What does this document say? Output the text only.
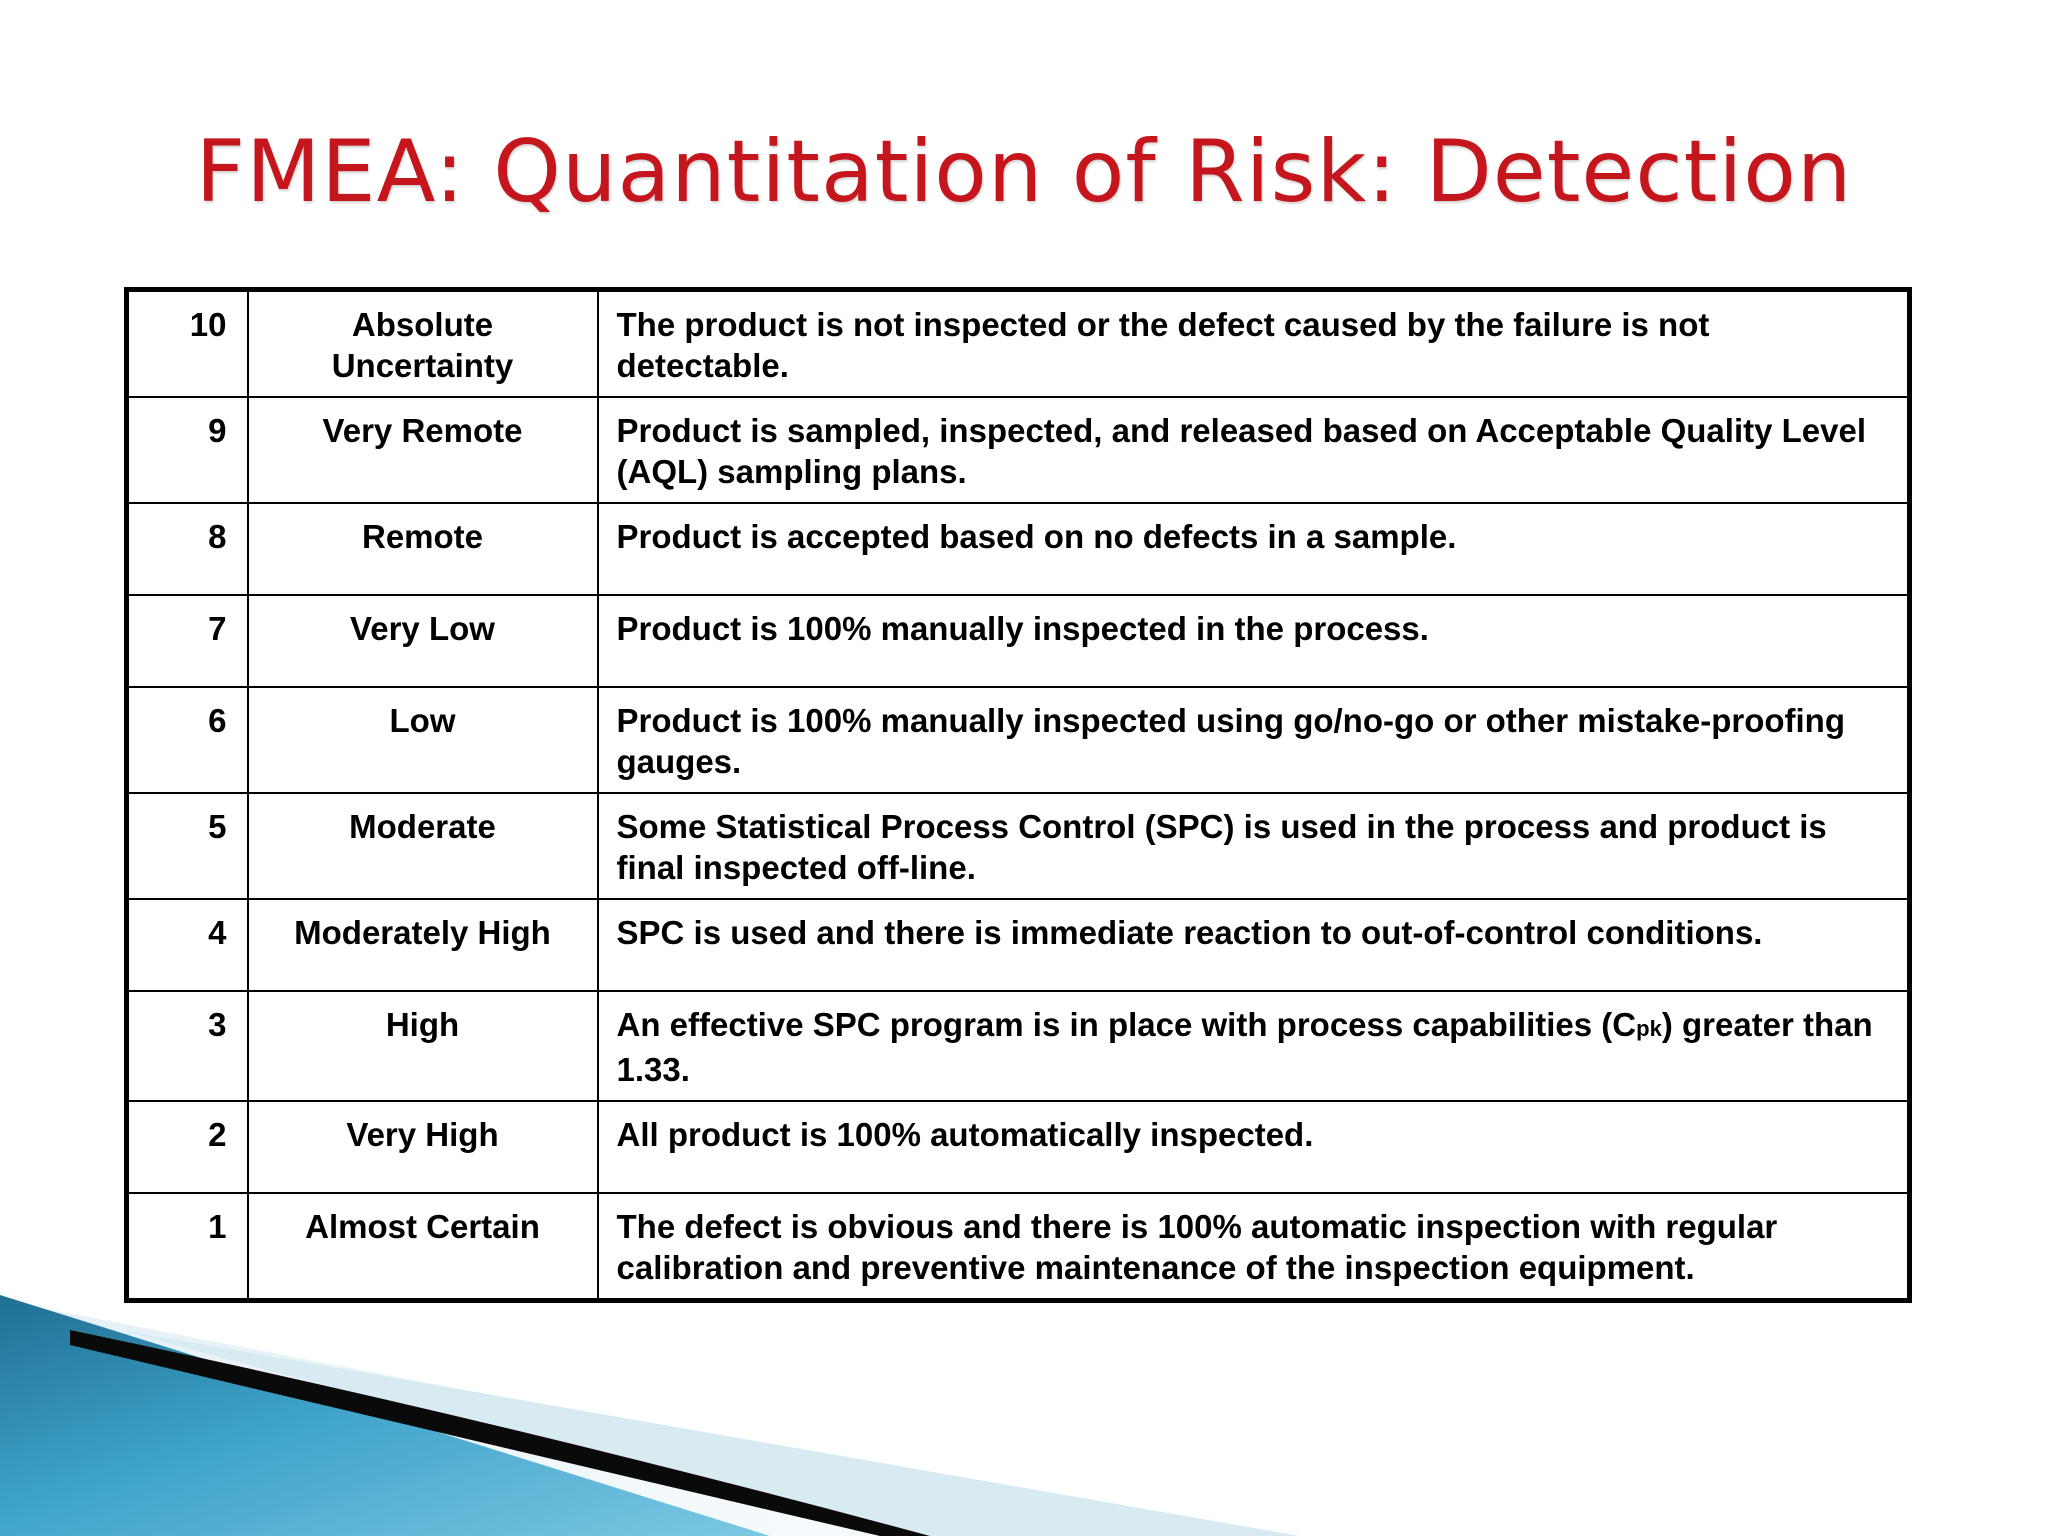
FMEA: Quantitation of Risk: Detection
10	Absolute Uncertainty	The product is not inspected or the defect caused by the failure is not detectable.
9	Very Remote	Product is sampled, inspected, and released based on Acceptable Quality Level (AQL) sampling plans.
8	Remote	Product is accepted based on no defects in a sample.
7	Very Low	Product is 100% manually inspected in the process.
6	Low	Product is 100% manually inspected using go/no-go or other mistake-proofing gauges.
5	Moderate	Some Statistical Process Control (SPC) is used in the process and product is final inspected off-line.
4	Moderately High	SPC is used and there is immediate reaction to out-of-control conditions.
3	High	An effective SPC program is in place with process capabilities (Cpk) greater than 1.33.
2	Very High	All product is 100% automatically inspected.
1	Almost Certain	The defect is obvious and there is 100% automatic inspection with regular calibration and preventive maintenance of the inspection equipment.
